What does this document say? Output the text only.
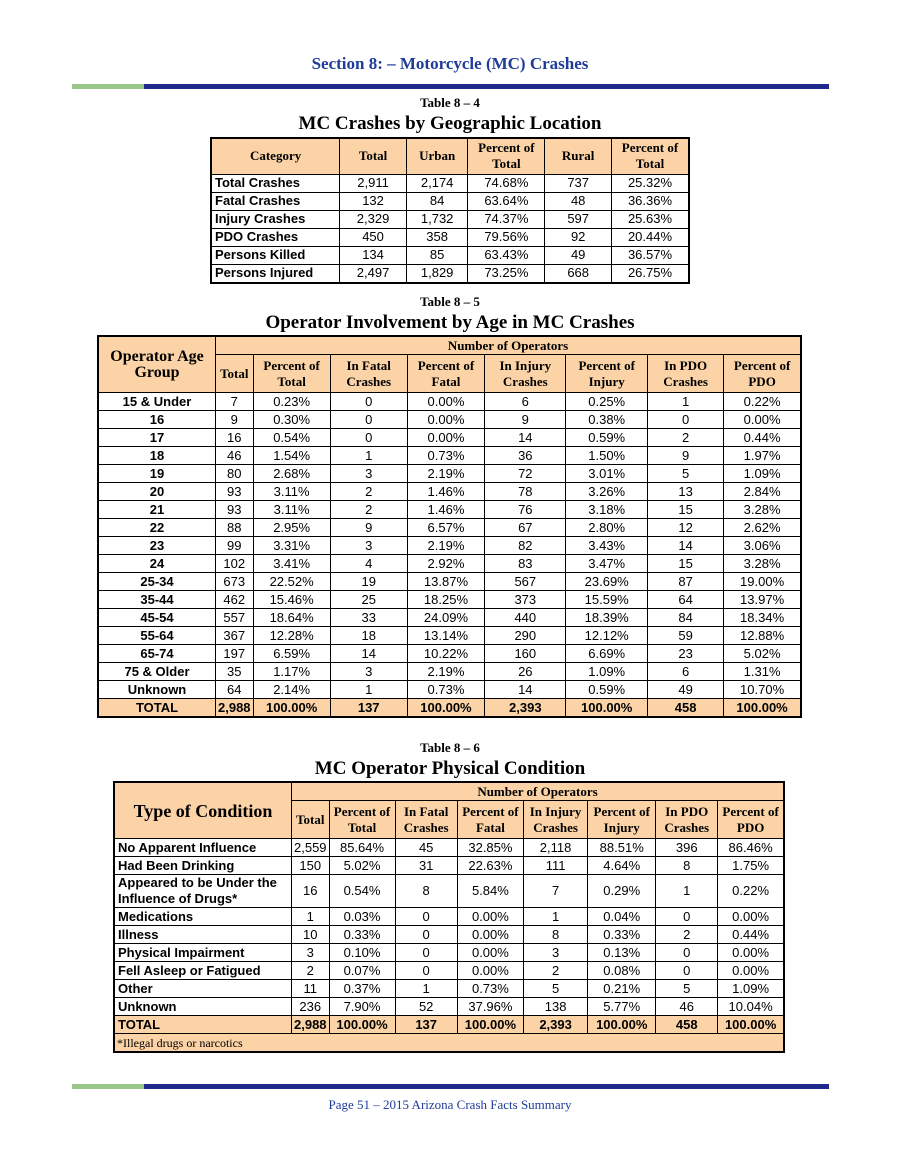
Section 8: – Motorcycle (MC) Crashes
Table 8 – 4
MC Crashes by Geographic Location
Category	Total	Urban	Percent of Total	Rural	Percent of Total
Total Crashes	2,911	2,174	74.68%	737	25.32%
Fatal Crashes	132	84	63.64%	48	36.36%
Injury Crashes	2,329	1,732	74.37%	597	25.63%
PDO Crashes	450	358	79.56%	92	20.44%
Persons Killed	134	85	63.43%	49	36.57%
Persons Injured	2,497	1,829	73.25%	668	26.75%
Table 8 – 5
Operator Involvement by Age in MC Crashes
Operator Age Group	Number of Operators							
	Total	Percent of Total	In Fatal Crashes	Percent of Fatal	In Injury Crashes	Percent of Injury	In PDO Crashes	Percent of PDO
15 & Under	7	0.23%	0	0.00%	6	0.25%	1	0.22%
16	9	0.30%	0	0.00%	9	0.38%	0	0.00%
17	16	0.54%	0	0.00%	14	0.59%	2	0.44%
18	46	1.54%	1	0.73%	36	1.50%	9	1.97%
19	80	2.68%	3	2.19%	72	3.01%	5	1.09%
20	93	3.11%	2	1.46%	78	3.26%	13	2.84%
21	93	3.11%	2	1.46%	76	3.18%	15	3.28%
22	88	2.95%	9	6.57%	67	2.80%	12	2.62%
23	99	3.31%	3	2.19%	82	3.43%	14	3.06%
24	102	3.41%	4	2.92%	83	3.47%	15	3.28%
25-34	673	22.52%	19	13.87%	567	23.69%	87	19.00%
35-44	462	15.46%	25	18.25%	373	15.59%	64	13.97%
45-54	557	18.64%	33	24.09%	440	18.39%	84	18.34%
55-64	367	12.28%	18	13.14%	290	12.12%	59	12.88%
65-74	197	6.59%	14	10.22%	160	6.69%	23	5.02%
75 & Older	35	1.17%	3	2.19%	26	1.09%	6	1.31%
Unknown	64	2.14%	1	0.73%	14	0.59%	49	10.70%
TOTAL	2,988	100.00%	137	100.00%	2,393	100.00%	458	100.00%
Table 8 – 6
MC Operator Physical Condition
Type of Condition	Number of Operators							
	Total	Percent of Total	In Fatal Crashes	Percent of Fatal	In Injury Crashes	Percent of Injury	In PDO Crashes	Percent of PDO
No Apparent Influence	2,559	85.64%	45	32.85%	2,118	88.51%	396	86.46%
Had Been Drinking	150	5.02%	31	22.63%	111	4.64%	8	1.75%
Appeared to be Under the Influence of Drugs*	16	0.54%	8	5.84%	7	0.29%	1	0.22%
Medications	1	0.03%	0	0.00%	1	0.04%	0	0.00%
Illness	10	0.33%	0	0.00%	8	0.33%	2	0.44%
Physical Impairment	3	0.10%	0	0.00%	3	0.13%	0	0.00%
Fell Asleep or Fatigued	2	0.07%	0	0.00%	2	0.08%	0	0.00%
Other	11	0.37%	1	0.73%	5	0.21%	5	1.09%
Unknown	236	7.90%	52	37.96%	138	5.77%	46	10.04%
TOTAL	2,988	100.00%	137	100.00%	2,393	100.00%	458	100.00%
*Illegal drugs or narcotics								
Page 51 – 2015 Arizona Crash Facts Summary
